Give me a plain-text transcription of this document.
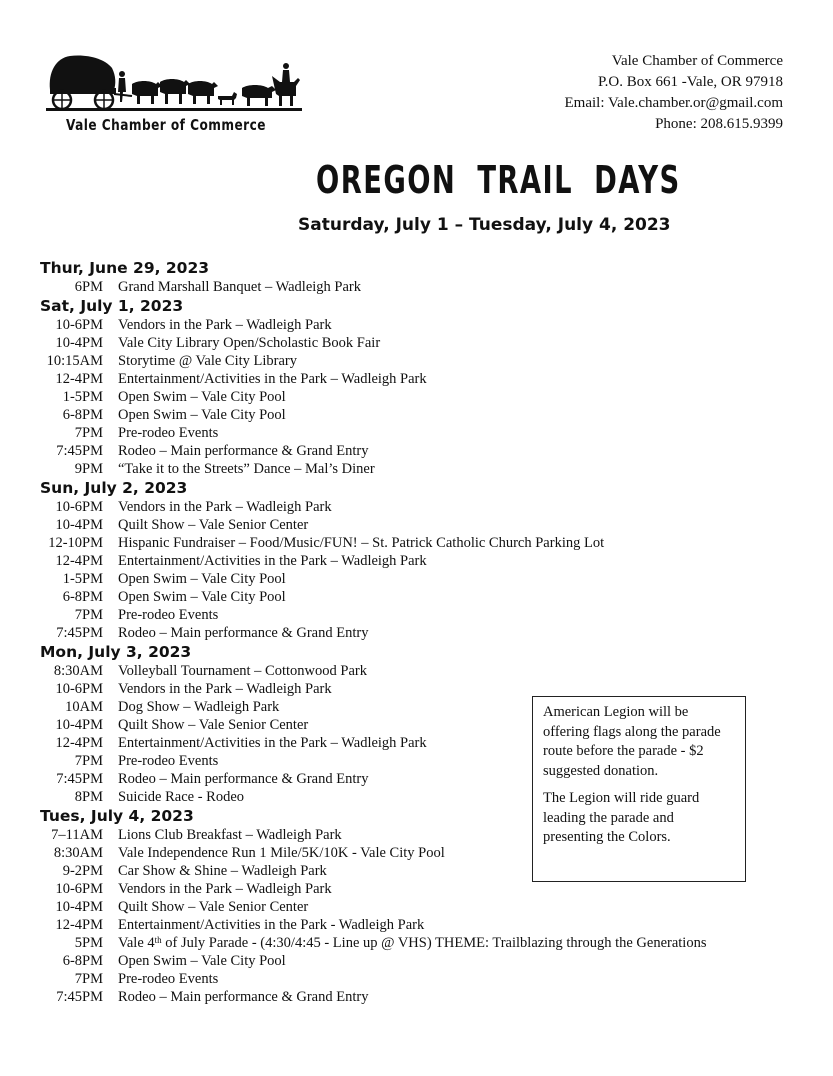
Vale Chamber of Commerce
Vale Chamber of Commerce
P.O. Box 661 -Vale, OR 97918
Email: Vale.chamber.or@gmail.com
Phone: 208.615.9399
OREGON TRAIL DAYS
Saturday, July 1 – Tuesday, July 4, 2023
Thur, June 29, 2023
6PM Grand Marshall Banquet – Wadleigh Park
Sat, July 1, 2023
10-6PM Vendors in the Park – Wadleigh Park
10-4PM Vale City Library Open/Scholastic Book Fair
10:15AM Storytime @ Vale City Library
12-4PM Entertainment/Activities in the Park – Wadleigh Park
1-5PM Open Swim – Vale City Pool
6-8PM Open Swim – Vale City Pool
7PM Pre-rodeo Events
7:45PM Rodeo – Main performance & Grand Entry
9PM “Take it to the Streets” Dance – Mal’s Diner
Sun, July 2, 2023
10-6PM Vendors in the Park – Wadleigh Park
10-4PM Quilt Show – Vale Senior Center
12-10PM Hispanic Fundraiser – Food/Music/FUN! – St. Patrick Catholic Church Parking Lot
12-4PM Entertainment/Activities in the Park – Wadleigh Park
1-5PM Open Swim – Vale City Pool
6-8PM Open Swim – Vale City Pool
7PM Pre-rodeo Events
7:45PM Rodeo – Main performance & Grand Entry
Mon, July 3, 2023
8:30AM Volleyball Tournament – Cottonwood Park
10-6PM Vendors in the Park – Wadleigh Park
10AM Dog Show – Wadleigh Park
10-4PM Quilt Show – Vale Senior Center
12-4PM Entertainment/Activities in the Park – Wadleigh Park
7PM Pre-rodeo Events
7:45PM Rodeo – Main performance & Grand Entry
8PM Suicide Race - Rodeo
Tues, July 4, 2023
7–11AM Lions Club Breakfast – Wadleigh Park
8:30AM Vale Independence Run 1 Mile/5K/10K - Vale City Pool
9-2PM Car Show & Shine – Wadleigh Park
10-6PM Vendors in the Park – Wadleigh Park
10-4PM Quilt Show – Vale Senior Center
12-4PM Entertainment/Activities in the Park - Wadleigh Park
5PM Vale 4th of July Parade - (4:30/4:45 - Line up @ VHS) THEME: Trailblazing through the Generations
6-8PM Open Swim – Vale City Pool
7PM Pre-rodeo Events
7:45PM Rodeo – Main performance & Grand Entry

American Legion will be offering flags along the parade route before the parade - $2 suggested donation.

The Legion will ride guard leading the parade and presenting the Colors.
